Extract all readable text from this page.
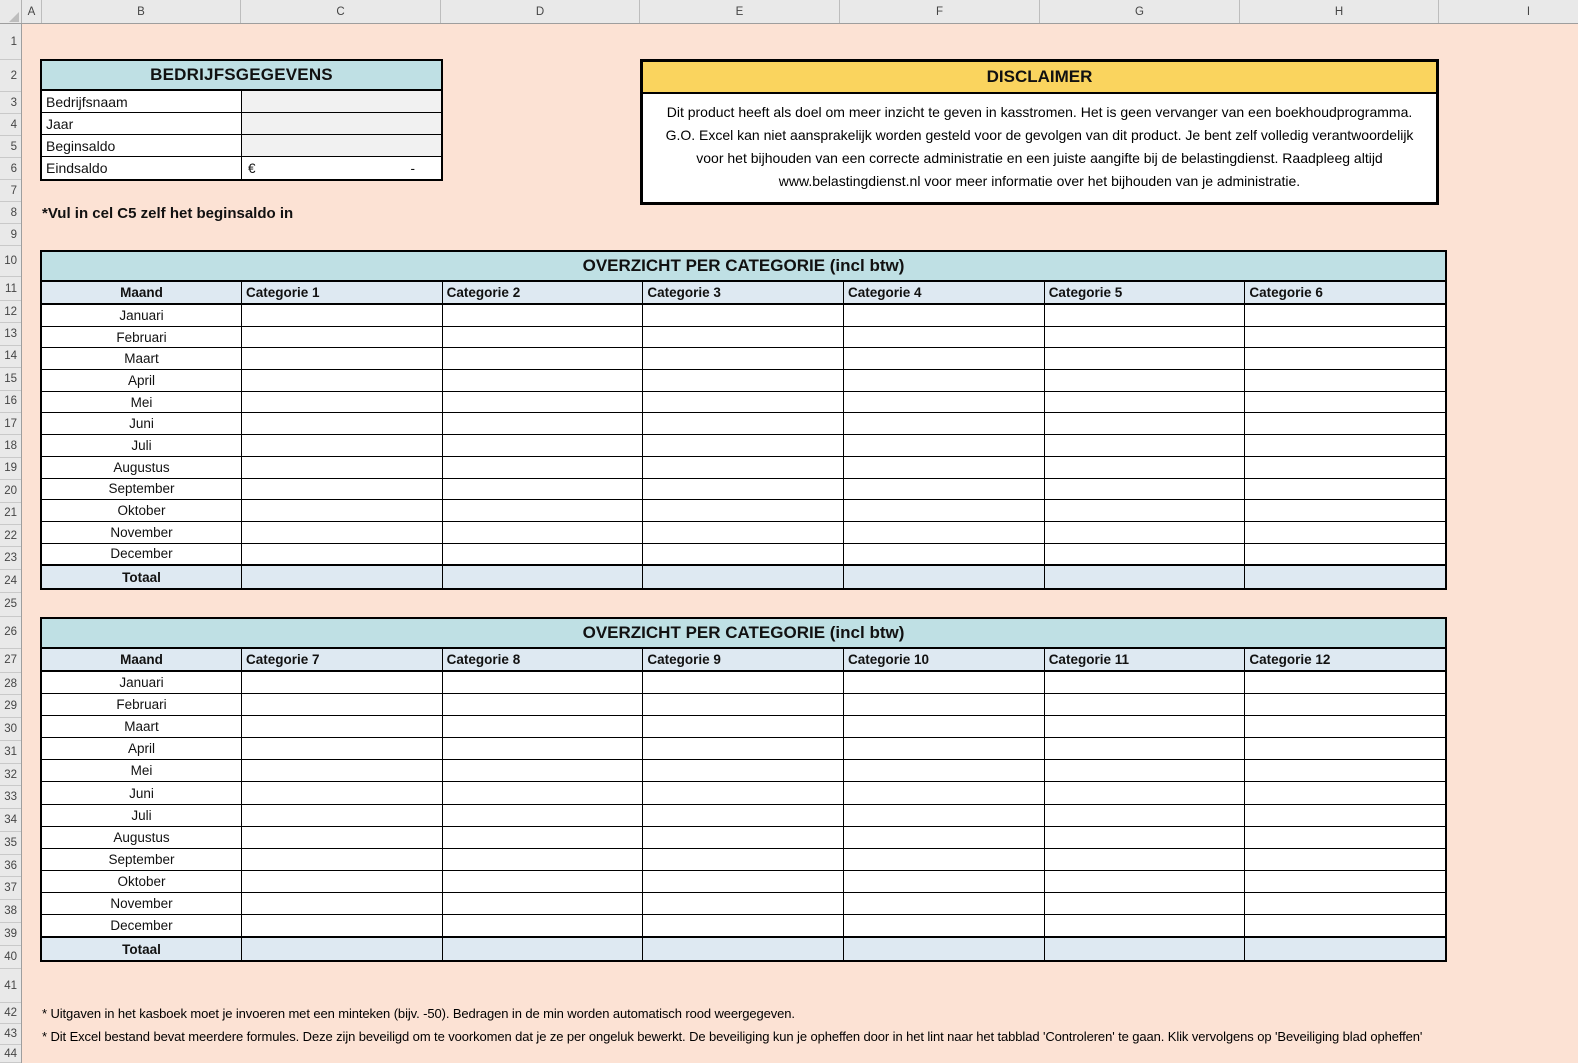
A	B	C	D	E	F	G	H	I
1
2
3
4
5
6
7
8
9
10
11
12
13
14
15
16
17
18
19
20
21
22
23
24
25
26
27
28
29
30
31
32
33
34
35
36
37
38
39
40
41
42
43
44
BEDRIJFSGEGEVENS
Bedrijfsnaam
Jaar
Beginsaldo
Eindsaldo	€	-
*Vul in cel C5 zelf het beginsaldo in
DISCLAIMER
Dit product heeft als doel om meer inzicht te geven in kasstromen. Het is geen vervanger van een boekhoudprogramma. G.O. Excel kan niet aansprakelijk worden gesteld voor de gevolgen van dit product. Je bent zelf volledig verantwoordelijk voor het bijhouden van een correcte administratie en een juiste aangifte bij de belastingdienst. Raadpleeg altijd www.belastingdienst.nl voor meer informatie over het bijhouden van je administratie.
OVERZICHT PER CATEGORIE (incl btw)
Maand	Categorie 1	Categorie 2	Categorie 3	Categorie 4	Categorie 5	Categorie 6
Januari
Februari
Maart
April
Mei
Juni
Juli
Augustus
September
Oktober
November
December
Totaal
OVERZICHT PER CATEGORIE (incl btw)
Maand	Categorie 7	Categorie 8	Categorie 9	Categorie 10	Categorie 11	Categorie 12
Januari
Februari
Maart
April
Mei
Juni
Juli
Augustus
September
Oktober
November
December
Totaal
* Uitgaven in het kasboek moet je invoeren met een minteken (bijv. -50). Bedragen in de min worden automatisch rood weergegeven.
* Dit Excel bestand bevat meerdere formules. Deze zijn beveiligd om te voorkomen dat je ze per ongeluk bewerkt. De beveiliging kun je opheffen door in het lint naar het tabblad 'Controleren' te gaan. Klik vervolgens op 'Beveiliging blad opheffen'
